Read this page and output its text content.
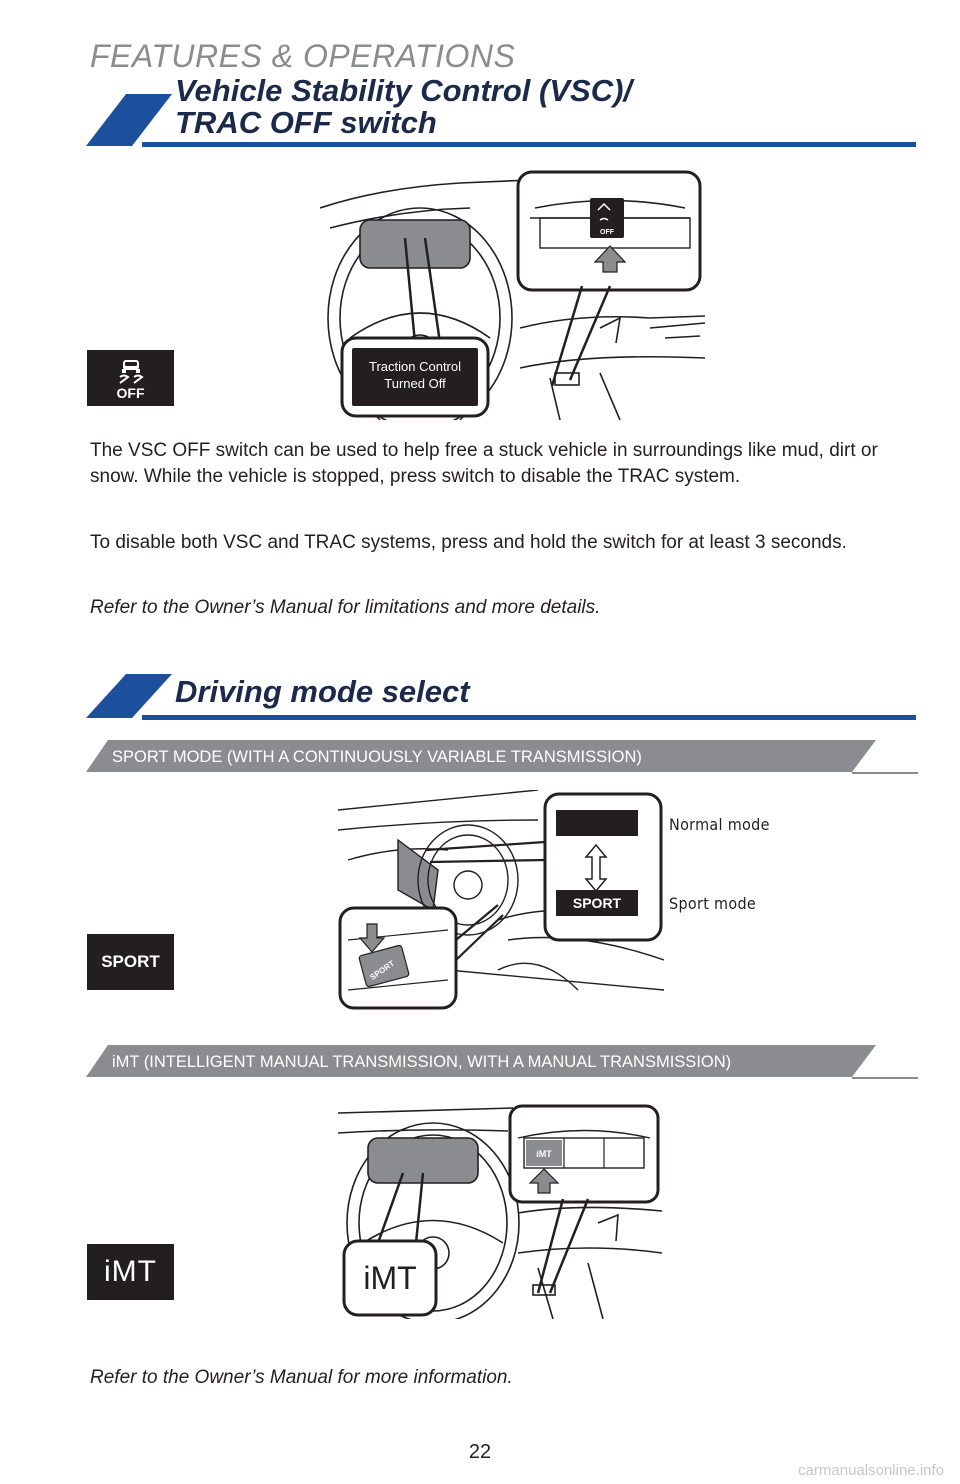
FEATURES & OPERATIONS
Vehicle Stability Control (VSC)/
TRAC OFF switch
OFF
OFF
Traction Control
Turned Off

The VSC OFF switch can be used to help free a stuck vehicle in surroundings like mud, dirt or snow. While the vehicle is stopped, press switch to disable the TRAC system.

To disable both VSC and TRAC systems, press and hold the switch for at least 3 seconds.

Refer to the Owner’s Manual for limitations and more details.

Driving mode select
SPORT MODE (WITH A CONTINUOUSLY VARIABLE TRANSMISSION)
SPORT
SPORT
SPORT
Normal mode
Sport mode
iMT (INTELLIGENT MANUAL TRANSMISSION, WITH A MANUAL TRANSMISSION)
iMT
iMT
iMT

Refer to the Owner’s Manual for more information.

22
carmanualsonline.info
